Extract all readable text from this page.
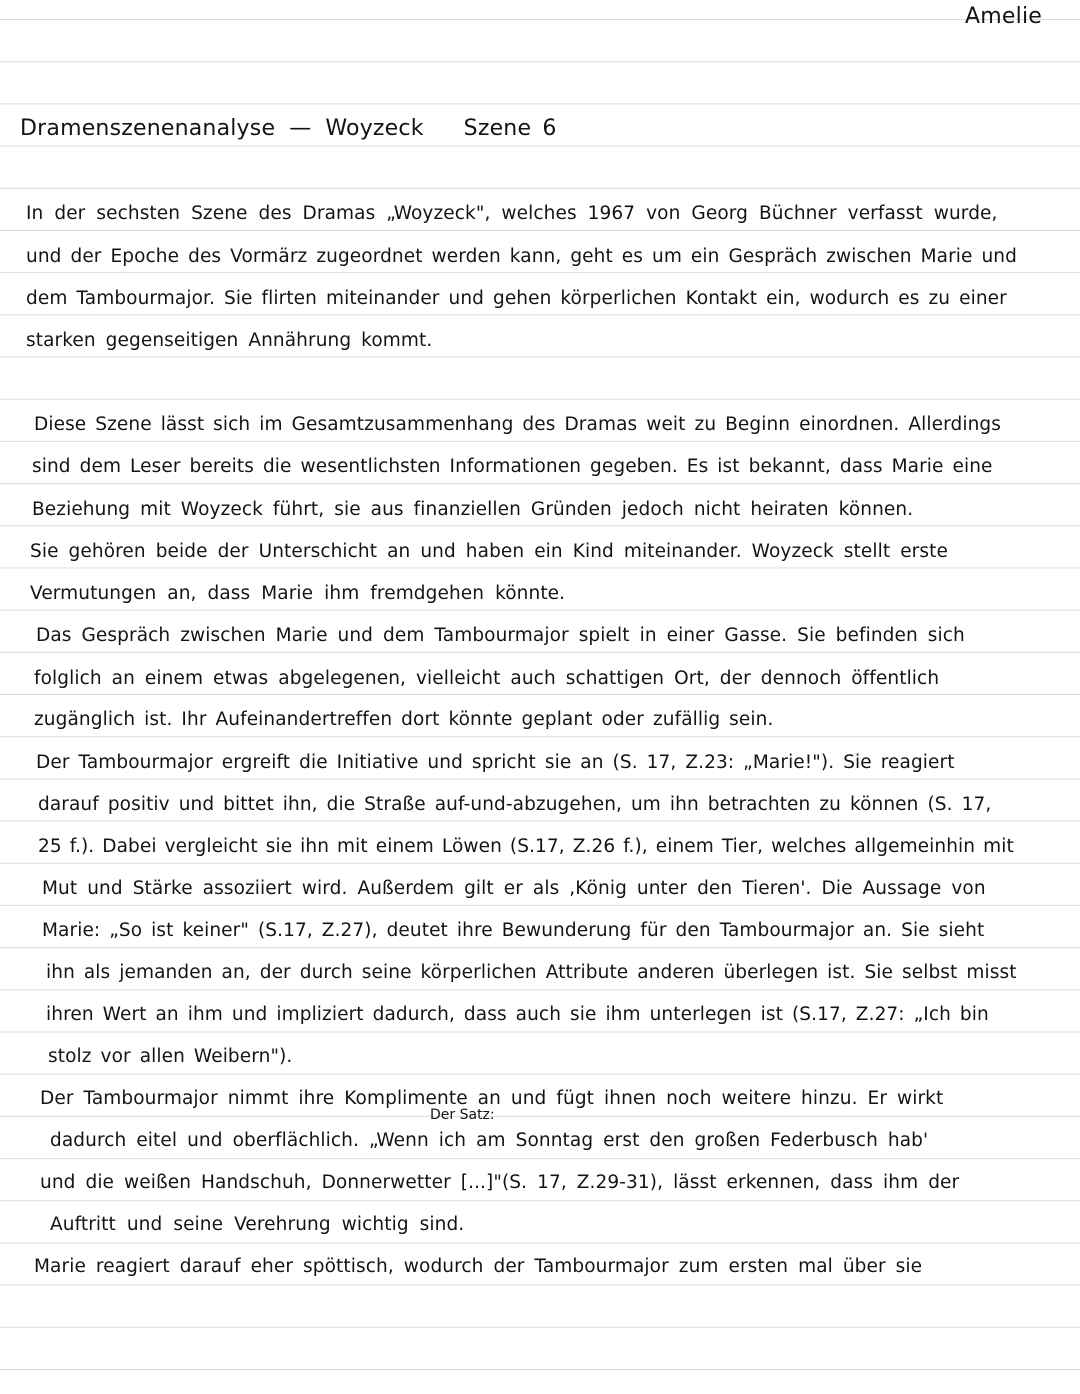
Amelie
Dramenszenenanalyse — Woyzeck Szene 6
In der sechsten Szene des Dramas „Woyzeck", welches 1967 von Georg Büchner verfasst wurde,
und der Epoche des Vormärz zugeordnet werden kann, geht es um ein Gespräch zwischen Marie und
dem Tambourmajor. Sie flirten miteinander und gehen körperlichen Kontakt ein, wodurch es zu einer
starken gegenseitigen Annährung kommt.
Diese Szene lässt sich im Gesamtzusammenhang des Dramas weit zu Beginn einordnen. Allerdings
sind dem Leser bereits die wesentlichsten Informationen gegeben. Es ist bekannt, dass Marie eine
Beziehung mit Woyzeck führt, sie aus finanziellen Gründen jedoch nicht heiraten können.
Sie gehören beide der Unterschicht an und haben ein Kind miteinander. Woyzeck stellt erste
Vermutungen an, dass Marie ihm fremdgehen könnte.
Das Gespräch zwischen Marie und dem Tambourmajor spielt in einer Gasse. Sie befinden sich
folglich an einem etwas abgelegenen, vielleicht auch schattigen Ort, der dennoch öffentlich
zugänglich ist. Ihr Aufeinandertreffen dort könnte geplant oder zufällig sein.
Der Tambourmajor ergreift die Initiative und spricht sie an (S. 17, Z.23: „Marie!"). Sie reagiert
darauf positiv und bittet ihn, die Straße auf-und-abzugehen, um ihn betrachten zu können (S. 17,
25 f.). Dabei vergleicht sie ihn mit einem Löwen (S.17, Z.26 f.), einem Tier, welches allgemeinhin mit
Mut und Stärke assoziiert wird. Außerdem gilt er als ,König unter den Tieren'. Die Aussage von
Marie: „So ist keiner" (S.17, Z.27), deutet ihre Bewunderung für den Tambourmajor an. Sie sieht
ihn als jemanden an, der durch seine körperlichen Attribute anderen überlegen ist. Sie selbst misst
ihren Wert an ihm und impliziert dadurch, dass auch sie ihm unterlegen ist (S.17, Z.27: „Ich bin
stolz vor allen Weibern").
Der Tambourmajor nimmt ihre Komplimente an und fügt ihnen noch weitere hinzu. Er wirkt
dadurch eitel und oberflächlich. „Wenn ich am Sonntag erst den großen Federbusch hab'
und die weißen Handschuh, Donnerwetter [...]"(S. 17, Z.29-31), lässt erkennen, dass ihm der
Auftritt und seine Verehrung wichtig sind.
Marie reagiert darauf eher spöttisch, wodurch der Tambourmajor zum ersten mal über sie
Der Satz:
